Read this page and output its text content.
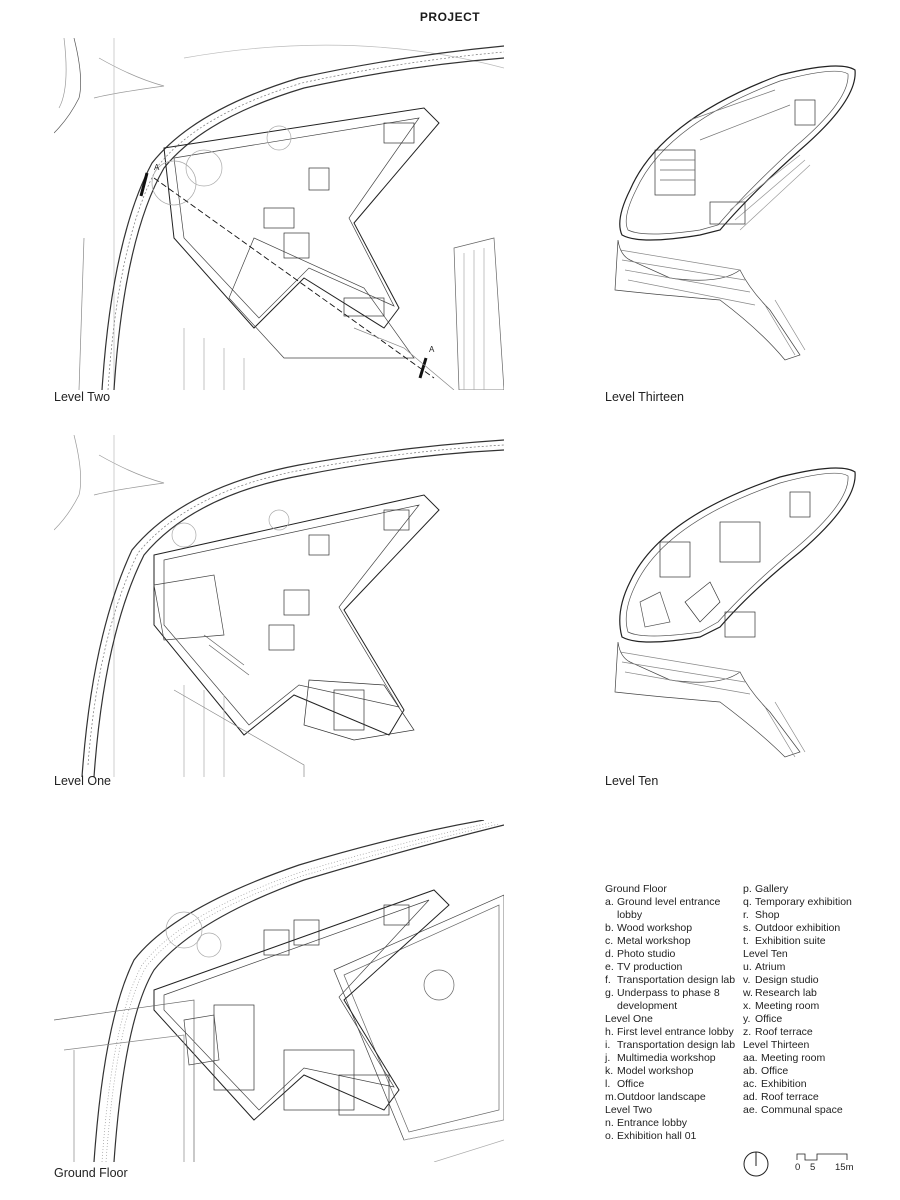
PROJECT
A
A
Level Two	Level Thirteen
Level One	Level Ten
Ground Floor
Ground Floor
a. Ground level entrance lobby
b. Wood workshop
c. Metal workshop
d. Photo studio
e. TV production
f. Transportation design lab
g. Underpass to phase 8 development
Level One
h. First level entrance lobby
i. Transportation design lab
j. Multimedia workshop
k. Model workshop
l. Office
m.Outdoor landscape
Level Two
n. Entrance lobby
o. Exhibition hall 01
p. Gallery
q. Temporary exhibition
r. Shop
s. Outdoor exhibition
t. Exhibition suite
Level Ten
u. Atrium
v. Design studio
w. Research lab
x. Meeting room
y. Office
z. Roof terrace
Level Thirteen
aa. Meeting room
ab. Office
ac. Exhibition
ad. Roof terrace
ae. Communal space
0 5 15m
